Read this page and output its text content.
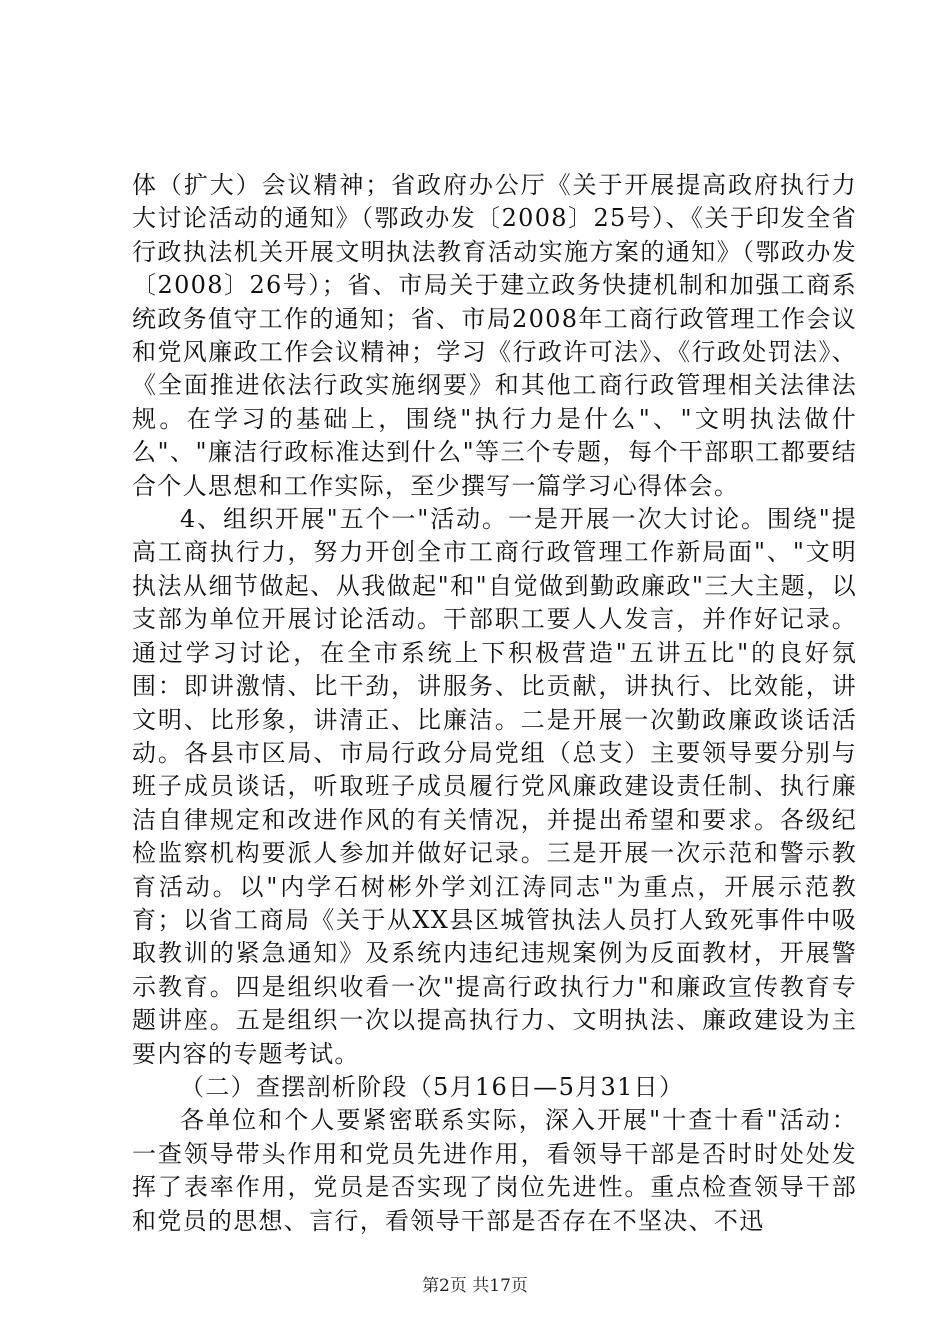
体（扩大）会议精神；省政府办公厅《关于开展提高政府执行力大讨论活动的通知》（鄂政办发〔2008〕25号）、《关于印发全省行政执法机关开展文明执法教育活动实施方案的通知》（鄂政办发〔2008〕26号）；省、市局关于建立政务快捷机制和加强工商系统政务值守工作的通知；省、市局2008年工商行政管理工作会议和党风廉政工作会议精神；学习《行政许可法》、《行政处罚法》、《全面推进依法行政实施纲要》和其他工商行政管理相关法律法规。在学习的基础上，围绕"执行力是什么"、"文明执法做什么"、"廉洁行政标准达到什么"等三个专题，每个干部职工都要结合个人思想和工作实际，至少撰写一篇学习心得体会。

4、组织开展"五个一"活动。一是开展一次大讨论。围绕"提高工商执行力，努力开创全市工商行政管理工作新局面"、"文明执法从细节做起、从我做起"和"自觉做到勤政廉政"三大主题，以支部为单位开展讨论活动。干部职工要人人发言，并作好记录。通过学习讨论，在全市系统上下积极营造"五讲五比"的良好氛围：即讲激情、比干劲，讲服务、比贡献，讲执行、比效能，讲文明、比形象，讲清正、比廉洁。二是开展一次勤政廉政谈话活动。各县市区局、市局行政分局党组（总支）主要领导要分别与班子成员谈话，听取班子成员履行党风廉政建设责任制、执行廉洁自律规定和改进作风的有关情况，并提出希望和要求。各级纪检监察机构要派人参加并做好记录。三是开展一次示范和警示教育活动。以"内学石树彬外学刘江涛同志"为重点，开展示范教育；以省工商局《关于从XX县区城管执法人员打人致死事件中吸取教训的紧急通知》及系统内违纪违规案例为反面教材，开展警示教育。四是组织收看一次"提高行政执行力"和廉政宣传教育专题讲座。五是组织一次以提高执行力、文明执法、廉政建设为主要内容的专题考试。

（二）查摆剖析阶段（5月16日—5月31日）

各单位和个人要紧密联系实际，深入开展"十查十看"活动：一查领导带头作用和党员先进作用，看领导干部是否时时处处发挥了表率作用，党员是否实现了岗位先进性。重点检查领导干部和党员的思想、言行，看领导干部是否存在不坚决、不迅

第2页 共17页
